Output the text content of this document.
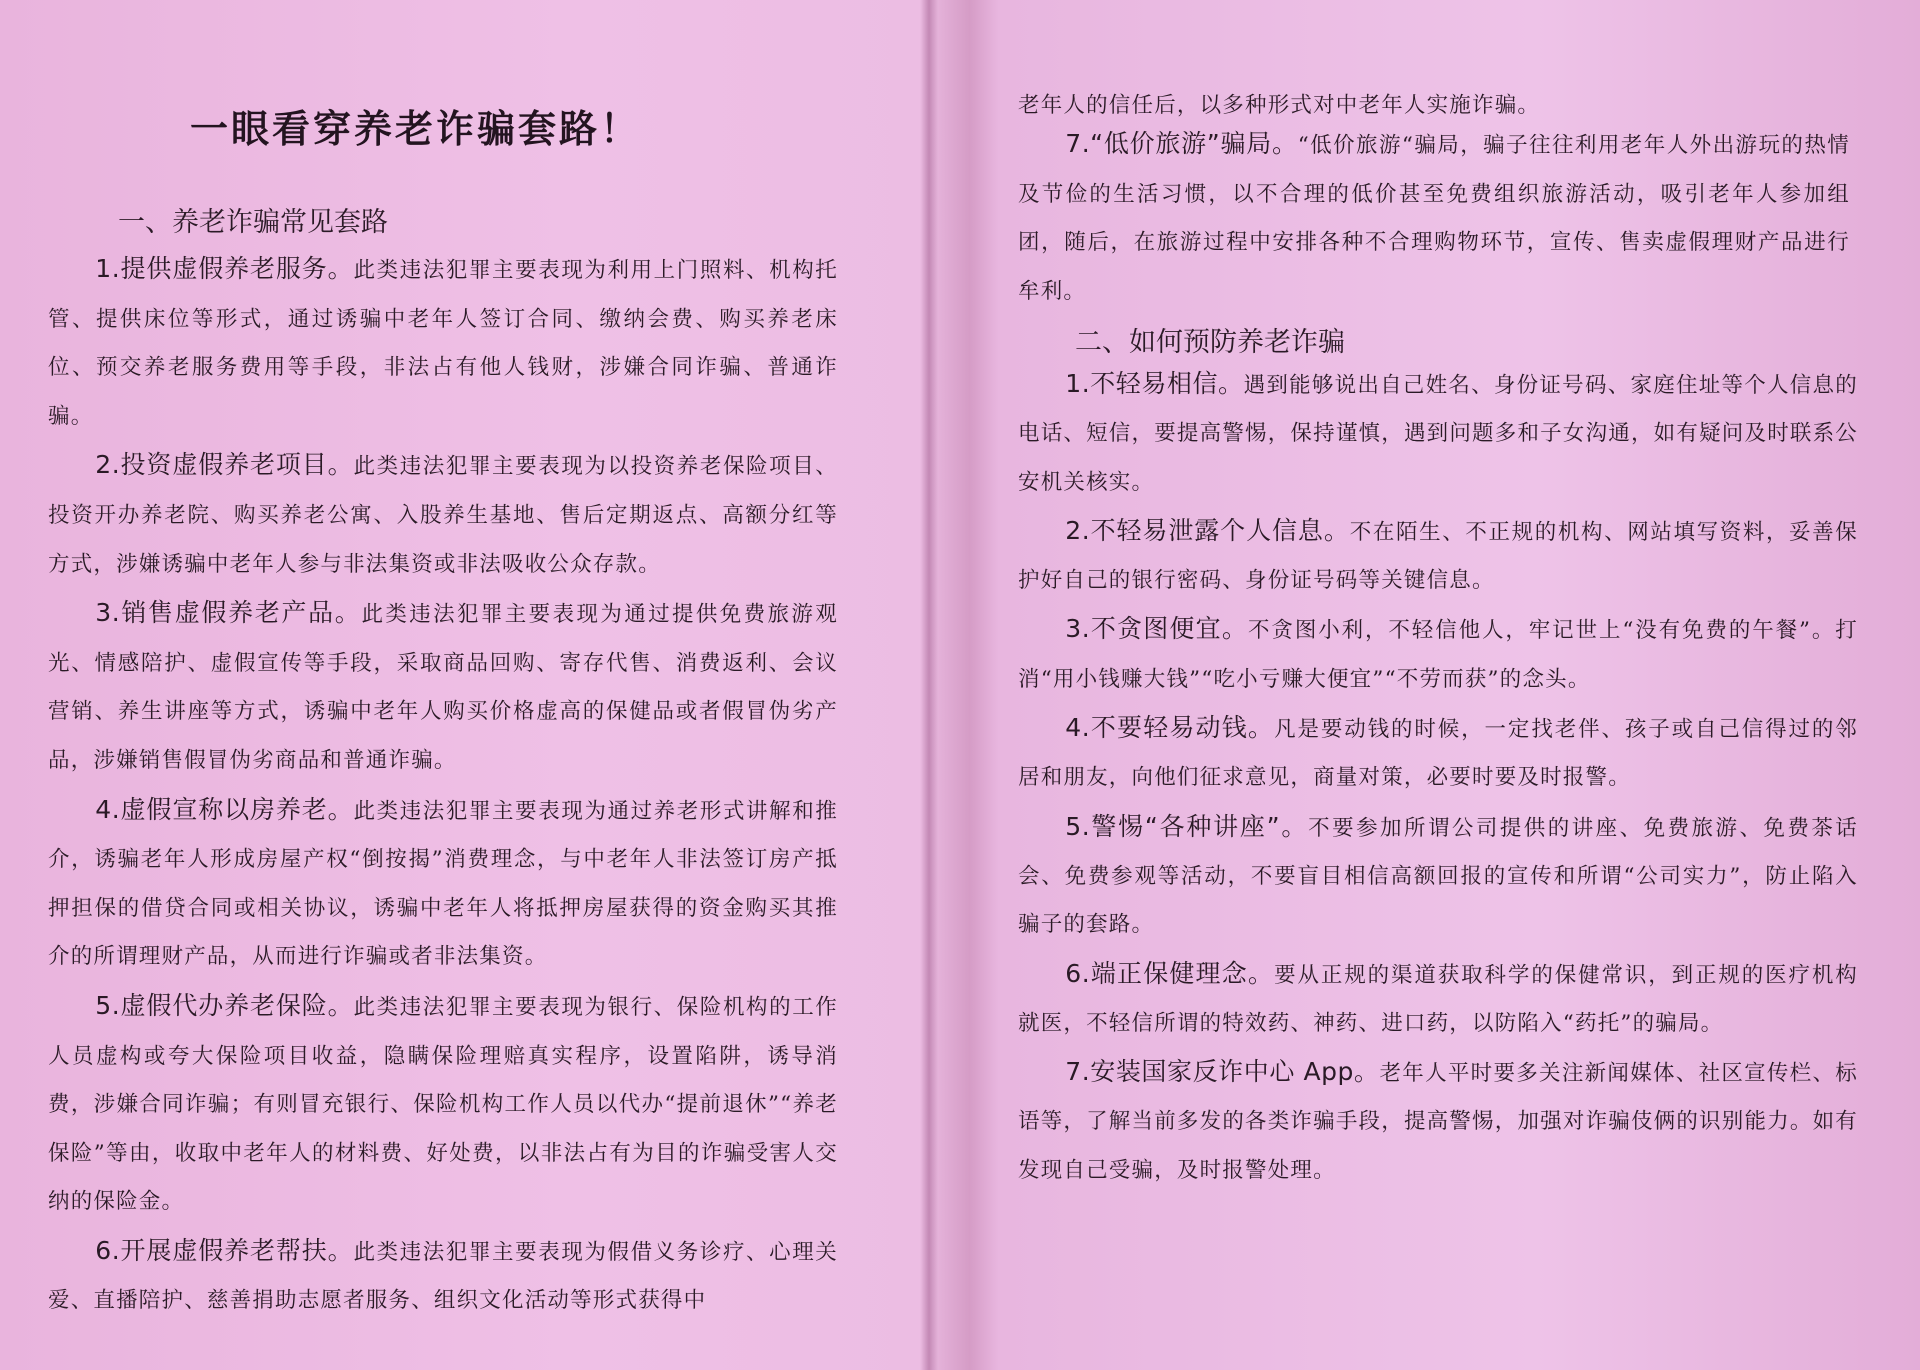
一眼看穿养老诈骗套路！
一、养老诈骗常见套路

1.提供虚假养老服务。此类违法犯罪主要表现为利用上门照料、机构托管、提供床位等形式，通过诱骗中老年人签订合同、缴纳会费、购买养老床位、预交养老服务费用等手段，非法占有他人钱财，涉嫌合同诈骗、普通诈骗。

2.投资虚假养老项目。此类违法犯罪主要表现为以投资养老保险项目、投资开办养老院、购买养老公寓、入股养生基地、售后定期返点、高额分红等方式，涉嫌诱骗中老年人参与非法集资或非法吸收公众存款。

3.销售虚假养老产品。此类违法犯罪主要表现为通过提供免费旅游观光、情感陪护、虚假宣传等手段，采取商品回购、寄存代售、消费返利、会议营销、养生讲座等方式，诱骗中老年人购买价格虚高的保健品或者假冒伪劣产品，涉嫌销售假冒伪劣商品和普通诈骗。

4.虚假宣称以房养老。此类违法犯罪主要表现为通过养老形式讲解和推介，诱骗老年人形成房屋产权“倒按揭”消费理念，与中老年人非法签订房产抵押担保的借贷合同或相关协议，诱骗中老年人将抵押房屋获得的资金购买其推介的所谓理财产品，从而进行诈骗或者非法集资。

5.虚假代办养老保险。此类违法犯罪主要表现为银行、保险机构的工作人员虚构或夸大保险项目收益，隐瞒保险理赔真实程序，设置陷阱，诱导消费，涉嫌合同诈骗；有则冒充银行、保险机构工作人员以代办“提前退休”“养老保险”等由，收取中老年人的材料费、好处费，以非法占有为目的诈骗受害人交纳的保险金。

6.开展虚假养老帮扶。此类违法犯罪主要表现为假借义务诊疗、心理关爱、直播陪护、慈善捐助志愿者服务、组织文化活动等形式获得中

老年人的信任后，以多种形式对中老年人实施诈骗。

7.“低价旅游”骗局。“低价旅游“骗局，骗子往往利用老年人外出游玩的热情及节俭的生活习惯，以不合理的低价甚至免费组织旅游活动，吸引老年人参加组团，随后，在旅游过程中安排各种不合理购物环节，宣传、售卖虚假理财产品进行牟利。

二、如何预防养老诈骗

1.不轻易相信。遇到能够说出自己姓名、身份证号码、家庭住址等个人信息的电话、短信，要提高警惕，保持谨慎，遇到问题多和子女沟通，如有疑问及时联系公安机关核实。

2.不轻易泄露个人信息。不在陌生、不正规的机构、网站填写资料，妥善保护好自己的银行密码、身份证号码等关键信息。

3.不贪图便宜。不贪图小利，不轻信他人，牢记世上“没有免费的午餐”。打消“用小钱赚大钱”“吃小亏赚大便宜”“不劳而获”的念头。

4.不要轻易动钱。凡是要动钱的时候，一定找老伴、孩子或自己信得过的邻居和朋友，向他们征求意见，商量对策，必要时要及时报警。

5.警惕“各种讲座”。不要参加所谓公司提供的讲座、免费旅游、免费茶话会、免费参观等活动，不要盲目相信高额回报的宣传和所谓“公司实力”，防止陷入骗子的套路。

6.端正保健理念。要从正规的渠道获取科学的保健常识，到正规的医疗机构就医，不轻信所谓的特效药、神药、进口药，以防陷入“药托”的骗局。

7.安装国家反诈中心 App。老年人平时要多关注新闻媒体、社区宣传栏、标语等，了解当前多发的各类诈骗手段，提高警惕，加强对诈骗伎俩的识别能力。如有发现自己受骗，及时报警处理。
